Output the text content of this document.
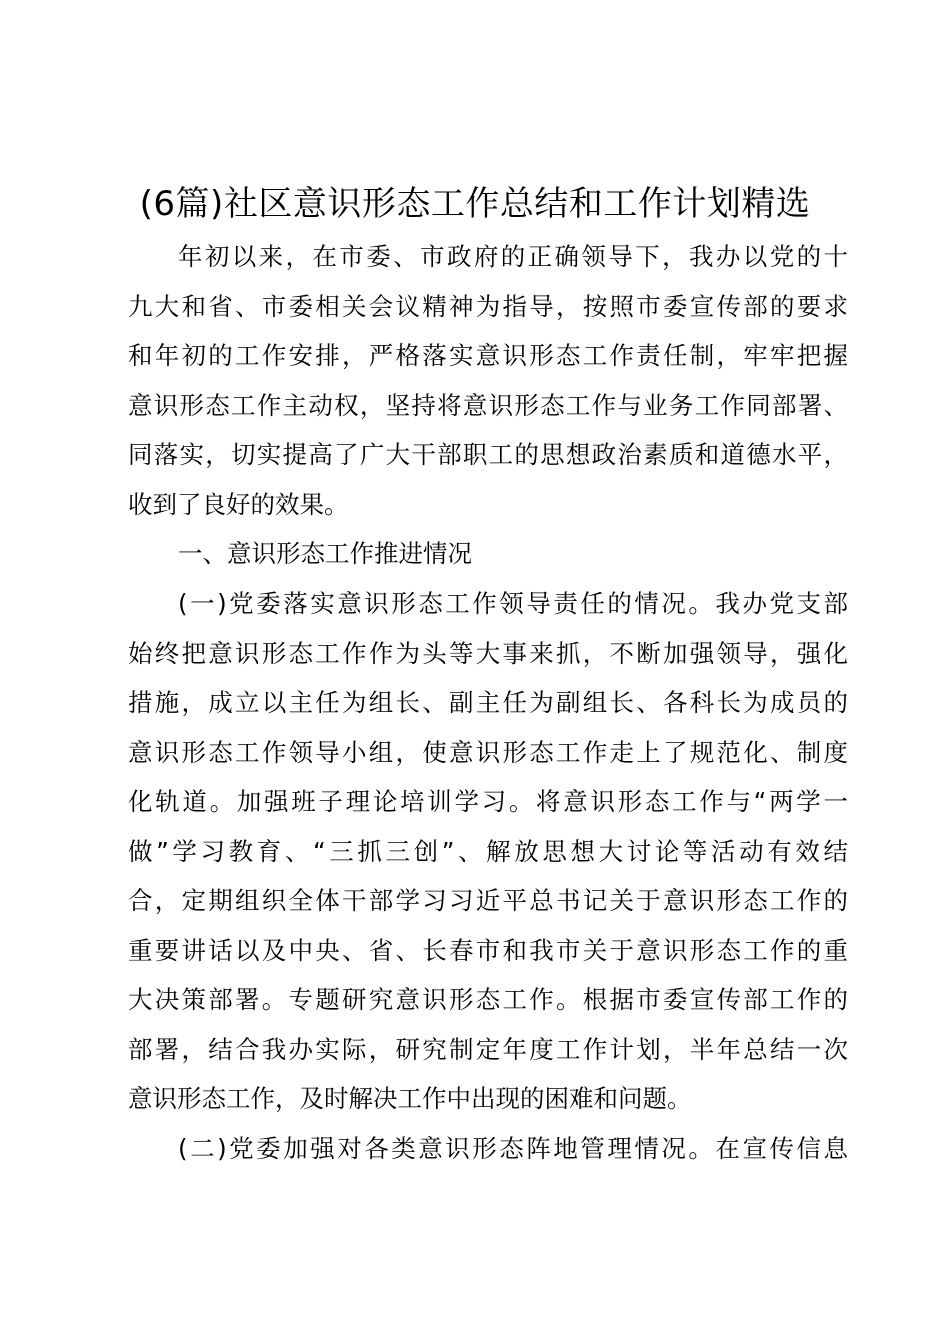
(6篇)社区意识形态工作总结和工作计划精选
年初以来，在市委、市政府的正确领导下，我办以党的十
九大和省、市委相关会议精神为指导，按照市委宣传部的要求
和年初的工作安排，严格落实意识形态工作责任制，牢牢把握
意识形态工作主动权，坚持将意识形态工作与业务工作同部署、
同落实，切实提高了广大干部职工的思想政治素质和道德水平，
收到了良好的效果。
一、意识形态工作推进情况
(一)党委落实意识形态工作领导责任的情况。我办党支部
始终把意识形态工作作为头等大事来抓，不断加强领导，强化
措施，成立以主任为组长、副主任为副组长、各科长为成员的
意识形态工作领导小组，使意识形态工作走上了规范化、制度
化轨道。加强班子理论培训学习。将意识形态工作与“两学一
做”学习教育、“三抓三创”、解放思想大讨论等活动有效结
合，定期组织全体干部学习习近平总书记关于意识形态工作的
重要讲话以及中央、省、长春市和我市关于意识形态工作的重
大决策部署。专题研究意识形态工作。根据市委宣传部工作的
部署，结合我办实际，研究制定年度工作计划，半年总结一次
意识形态工作，及时解决工作中出现的困难和问题。
(二)党委加强对各类意识形态阵地管理情况。在宣传信息
